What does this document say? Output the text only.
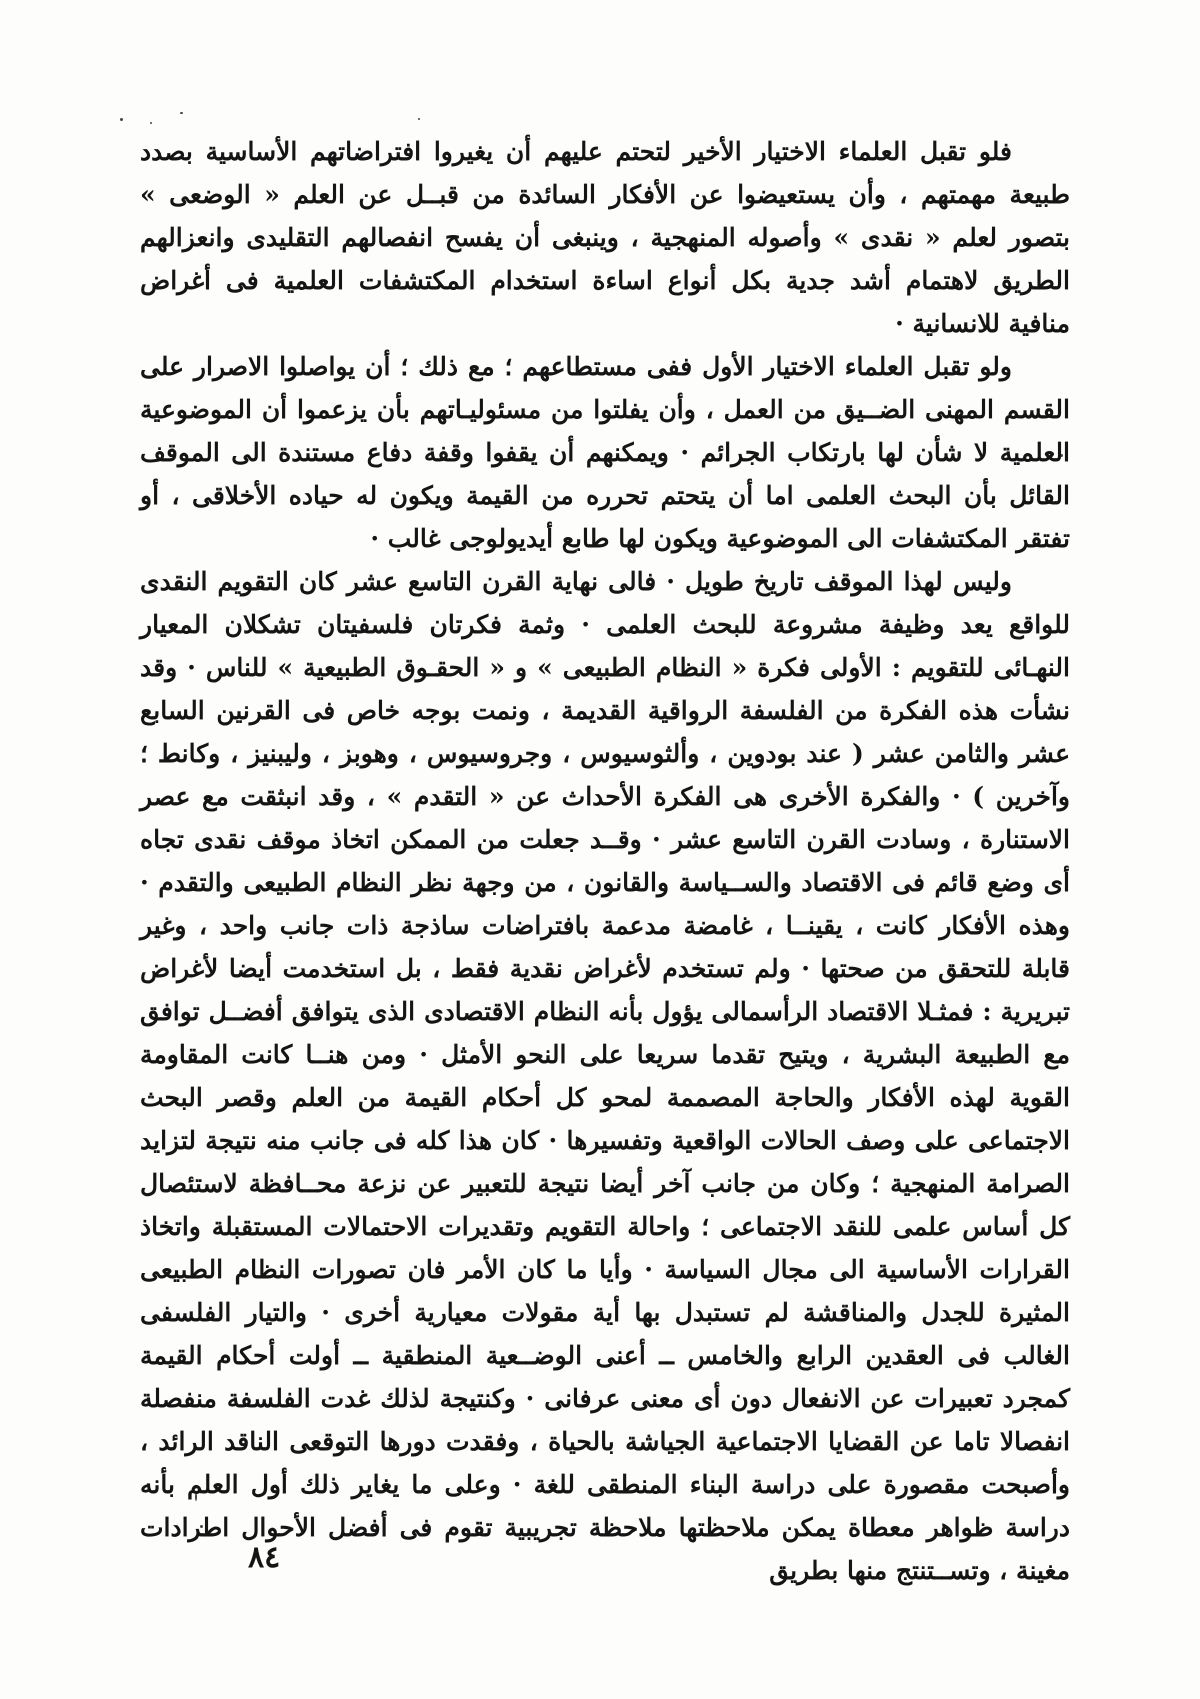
فلو تقبل العلماء الاختيار الأخير لتحتم عليهم أن يغيروا افتراضاتهم الأساسية بصدد طبيعة مهمتهم ، وأن يستعيضوا عن الأفكار السائدة من قبــل عن العلم « الوضعى » بتصور لعلم « نقدى » وأصوله المنهجية ، وينبغى أن يفسح انفصالهم التقليدى وانعزالهم الطريق لاهتمام أشد جدية بكل أنواع اساءة استخدام المكتشفات العلمية فى أغراض منافية للانسانية ·

ولو تقبل العلماء الاختيار الأول ففى مستطاعهم ؛ مع ذلك ؛ أن يواصلوا الاصرار على القسم المهنى الضــيق من العمل ، وأن يفلتوا من مسئوليـاتهم بأن يزعموا أن الموضوعية العلمية لا شأن لها بارتكاب الجرائم · ويمكنهم أن يقفوا وقفة دفاع مستندة الى الموقف القائل بأن البحث العلمى اما أن يتحتم تحرره من القيمة ويكون له حياده الأخلاقى ، أو تفتقر المكتشفات الى الموضوعية ويكون لها طابع أيديولوجى غالب ·

وليس لهذا الموقف تاريخ طويل · فالى نهاية القرن التاسع عشر كان التقويم النقدى للواقع يعد وظيفة مشروعة للبحث العلمى · وثمة فكرتان فلسفيتان تشكلان المعيار النهـائى للتقويم : الأولى فكرة « النظام الطبيعى » و « الحقـوق الطبيعية » للناس · وقد نشأت هذه الفكرة من الفلسفة الرواقية القديمة ، ونمت بوجه خاص فى القرنين السابع عشر والثامن عشر ( عند بودوين ، وألثوسيوس ، وجروسيوس ، وهوبز ، وليبنيز ، وكانط ؛ وآخرين ) · والفكرة الأخرى هى الفكرة الأحداث عن « التقدم » ، وقد انبثقت مع عصر الاستنارة ، وسادت القرن التاسع عشر · وقــد جعلت من الممكن اتخاذ موقف نقدى تجاه أى وضع قائم فى الاقتصاد والســياسة والقانون ، من وجهة نظر النظام الطبيعى والتقدم · وهذه الأفكار كانت ، يقينــا ، غامضة مدعمة بافتراضات ساذجة ذات جانب واحد ، وغير قابلة للتحقق من صحتها · ولم تستخدم لأغراض نقدية فقط ، بل استخدمت أيضا لأغراض تبريرية : فمثـلا الاقتصاد الرأسمالى يؤول بأنه النظام الاقتصادى الذى يتوافق أفضــل توافق مع الطبيعة البشرية ، ويتيح تقدما سريعا على النحو الأمثل · ومن هنــا كانت المقاومة القوية لهذه الأفكار والحاجة المصممة لمحو كل أحكام القيمة من العلم وقصر البحث الاجتماعى على وصف الحالات الواقعية وتفسيرها · كان هذا كله فى جانب منه نتيجة لتزايد الصرامة المنهجية ؛ وكان من جانب آخر أيضا نتيجة للتعبير عن نزعة محــافظة لاستئصال كل أساس علمى للنقد الاجتماعى ؛ واحالة التقويم وتقديرات الاحتمالات المستقبلة واتخاذ القرارات الأساسية الى مجال السياسة · وأيا ما كان الأمر فان تصورات النظام الطبيعى المثيرة للجدل والمناقشة لم تستبدل بها أية مقولات معيارية أخرى · والتيار الفلسفى الغالب فى العقدين الرابع والخامس ــ أعنى الوضــعية المنطقية ــ أولت أحكام القيمة كمجرد تعبيرات عن الانفعال دون أى معنى عرفانى · وكنتيجة لذلك غدت الفلسفة منفصلة انفصالا تاما عن القضايا الاجتماعية الجياشة بالحياة ، وفقدت دورها التوقعى الناقد الرائد ، وأصبحت مقصورة على دراسة البناء المنطقى للغة · وعلى ما يغاير ذلك أول العلم بأنه دراسة ظواهر معطاة يمكن ملاحظتها ملاحظة تجريبية تقوم فى أفضل الأحوال اطرادات مغينة ، وتســتنتج منها بطريق

٨٤
